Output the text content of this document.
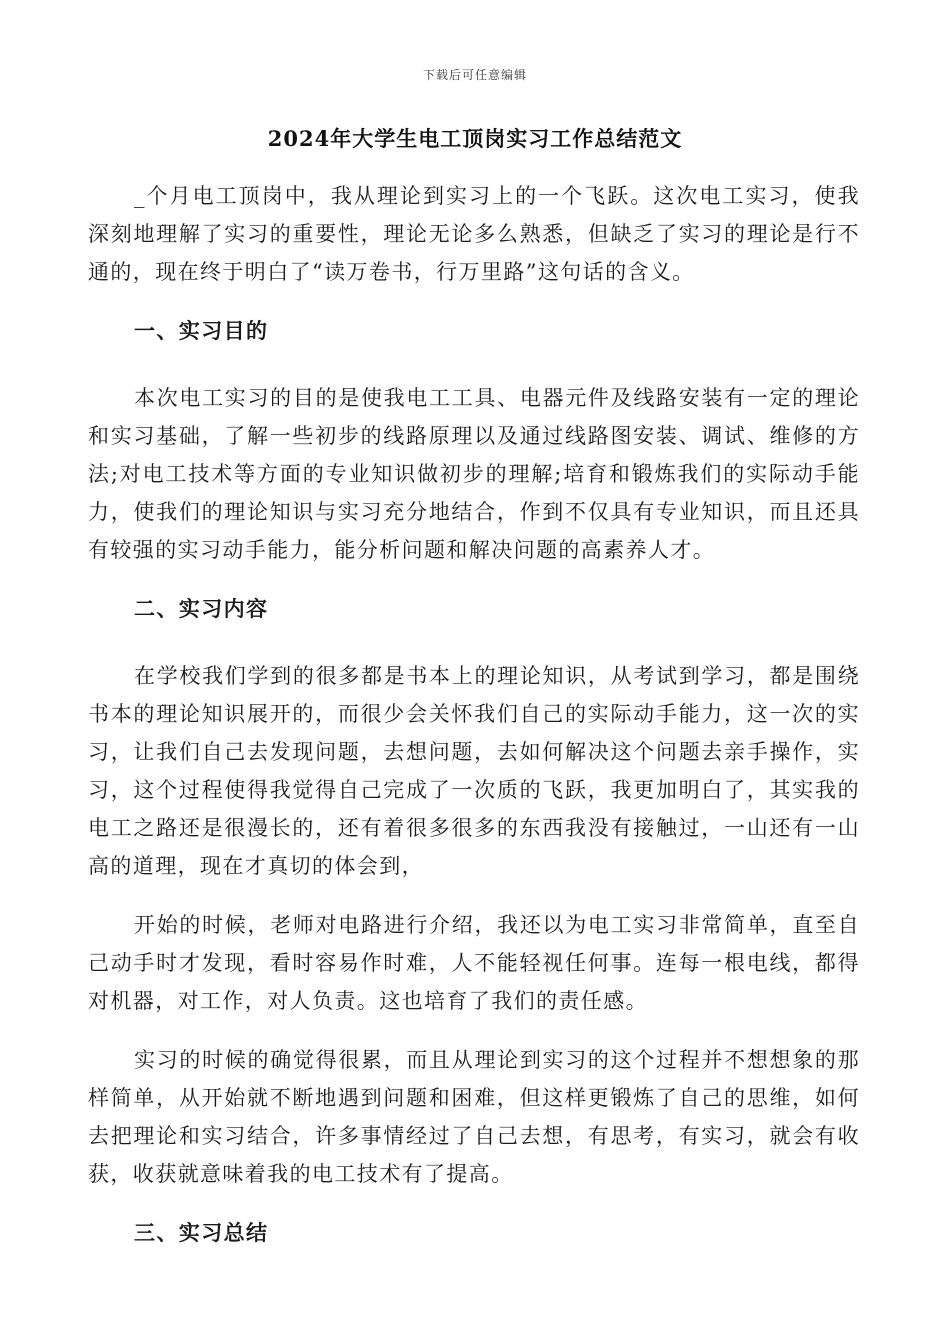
下载后可任意编辑
2024年大学生电工顶岗实习工作总结范文

_个月电工顶岗中，我从理论到实习上的一个飞跃。这次电工实习，使我深刻地理解了实习的重要性，理论无论多么熟悉，但缺乏了实习的理论是行不通的，现在终于明白了“读万卷书，行万里路”这句话的含义。

一、实习目的

本次电工实习的目的是使我电工工具、电器元件及线路安装有一定的理论和实习基础，了解一些初步的线路原理以及通过线路图安装、调试、维修的方法;对电工技术等方面的专业知识做初步的理解;培育和锻炼我们的实际动手能力，使我们的理论知识与实习充分地结合，作到不仅具有专业知识，而且还具有较强的实习动手能力，能分析问题和解决问题的高素养人才。

二、实习内容

在学校我们学到的很多都是书本上的理论知识，从考试到学习，都是围绕书本的理论知识展开的，而很少会关怀我们自己的实际动手能力，这一次的实习，让我们自己去发现问题，去想问题，去如何解决这个问题去亲手操作，实习，这个过程使得我觉得自己完成了一次质的飞跃，我更加明白了，其实我的电工之路还是很漫长的，还有着很多很多的东西我没有接触过，一山还有一山高的道理，现在才真切的体会到，

开始的时候，老师对电路进行介绍，我还以为电工实习非常简单，直至自己动手时才发现，看时容易作时难，人不能轻视任何事。连每一根电线，都得对机器，对工作，对人负责。这也培育了我们的责任感。

实习的时候的确觉得很累，而且从理论到实习的这个过程并不想想象的那样简单，从开始就不断地遇到问题和困难，但这样更锻炼了自己的思维，如何去把理论和实习结合，许多事情经过了自己去想，有思考，有实习，就会有收获，收获就意味着我的电工技术有了提高。

三、实习总结
